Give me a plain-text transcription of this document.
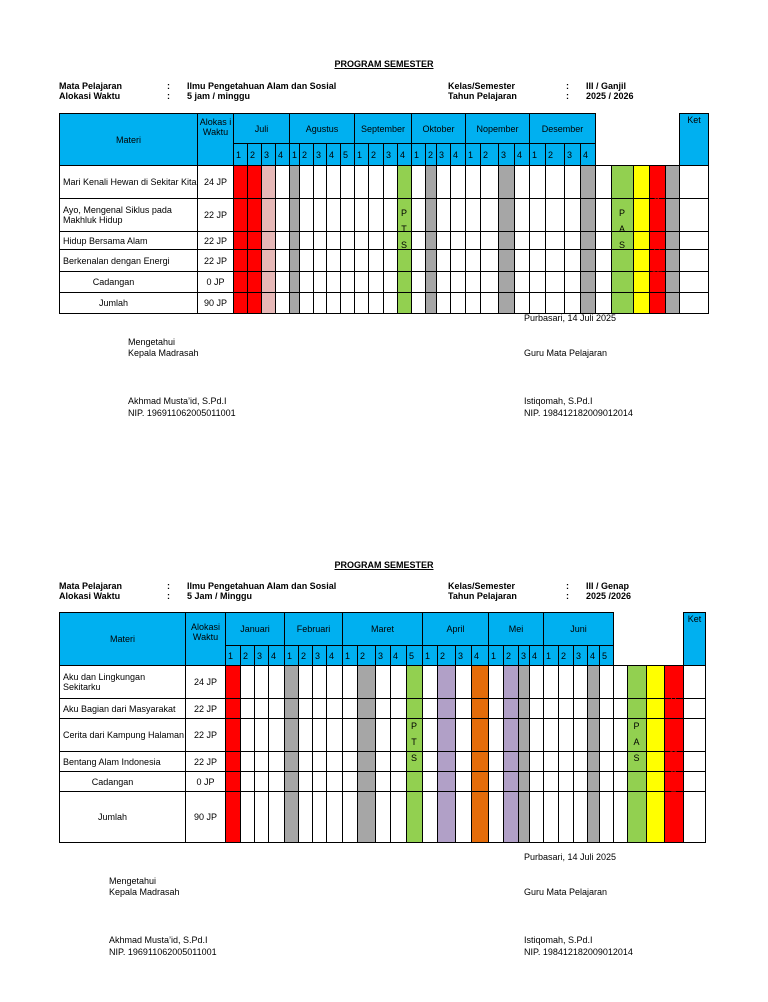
PROGRAM SEMESTER
Mata Pelajaran	: Ilmu Pengetahuan Alam dan Sosial
Alokasi Waktu	: 5 jam / minggu
Kelas/Semester	: III / Ganjil
Tahun Pelajaran	: 2025 / 2026
Materi
Alokas i Waktu
Ket
Juli
1 2 3 4
Agustus
1 2 3 4 5
September
1 2	3 4
Oktober
1 2 3 4
Nopember
1	2	3	4
Desember
1	2	3	4
Mari Kenali Hewan di Sekitar Kita 24 JP
Ayo, Mengenal Siklus pada Makhluk Hidup	22 JP
Hidup Bersama Alam	22 JP
Berkenalan dengan Energi	22 JP
Cadangan	0 JP
Jumlah	90 JP
P
T
S
P
A
S
L
I
B
U
R

SE
M
ES
TE
R
Purbasari, 14 Juli 2025
Mengetahui
Kepala Madrasah	Guru Mata Pelajaran
Akhmad Musta’id, S.Pd.I
NIP. 196911062005011001
Istiqomah, S.Pd.I
NIP. 198412182009012014
PROGRAM SEMESTER
Mata Pelajaran	: Ilmu Pengetahuan Alam dan Sosial
Alokasi Waktu	: 5 Jam / Minggu
Kelas/Semester	: III / Genap
Tahun Pelajaran	: 2025 /2026
Materi
Alokasi Waktu
Ket
Januari
1	2 3 4
Februari
1 2 3 4
Maret
1	2	3	4	5
April
1	2	3	4
Mei
1	2	3 4
Juni
1	2	3 4 5
Aku dan Lingkungan Sekitarku	24 JP
Aku Bagian dari Masyarakat	22 JP
Cerita dari Kampung Halaman	22 JP
Bentang Alam Indonesia	22 JP
Cadangan	0 JP
Jumlah	90 JP
P
T
S
P
A
S
L
I
B
U
R

S
E
M
E
S
T
E
R
Purbasari, 14 Juli 2025
Mengetahui
Kepala Madrasah	Guru Mata Pelajaran
Akhmad Musta’id, S.Pd.I
NIP. 196911062005011001
Istiqomah, S.Pd.I
NIP. 198412182009012014
